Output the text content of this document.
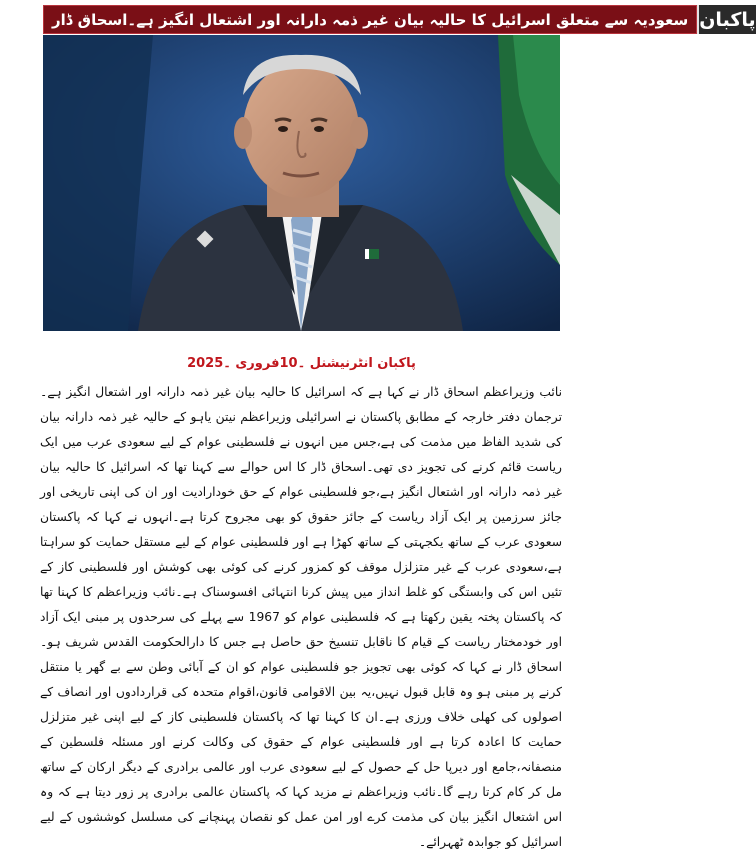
سعودیہ سے متعلق اسرائیل کا حالیہ بیان غیر ذمہ دارانہ اور اشتعال انگیز ہے۔اسحاق ڈار پاکبان
پاکبان انٹرنیشنل ۔10فروری ۔2025
نائب وزیراعظم اسحاق ڈار نے کہا ہے کہ اسرائیل کا حالیہ بیان غیر ذمہ دارانہ اور اشتعال انگیز ہے۔ترجمان دفتر خارجہ کے مطابق پاکستان نے اسرائیلی وزیراعظم نیتن یاہو کے حالیہ غیر ذمہ دارانہ بیان کی شدید الفاظ میں مذمت کی ہے،جس میں انہوں نے فلسطینی عوام کے لیے سعودی عرب میں ایک ریاست قائم کرنے کی تجویز دی تھی۔اسحاق ڈار کا اس حوالے سے کہنا تھا کہ اسرائیل کا حالیہ بیان غیر ذمہ دارانہ اور اشتعال انگیز ہے،جو فلسطینی عوام کے حق خودارادیت اور ان کی اپنی تاریخی اور جائز سرزمین پر ایک آزاد ریاست کے جائز حقوق کو بھی مجروح کرتا ہے۔انہوں نے کہا کہ پاکستان سعودی عرب کے ساتھ یکجہتی کے ساتھ کھڑا ہے اور فلسطینی عوام کے لیے مستقل حمایت کو سراہتا ہے،سعودی عرب کے غیر متزلزل موقف کو کمزور کرنے کی کوئی بھی کوشش اور فلسطینی کاز کے تئیں اس کی وابستگی کو غلط انداز میں پیش کرنا انتہائی افسوسناک ہے۔نائب وزیراعظم کا کہنا تھا کہ پاکستان پختہ یقین رکھتا ہے کہ فلسطینی عوام کو 1967 سے پہلے کی سرحدوں پر مبنی ایک آزاد اور خودمختار ریاست کے قیام کا ناقابل تنسیخ حق حاصل ہے جس کا دارالحکومت القدس شریف ہو۔اسحاق ڈار نے کہا کہ کوئی بھی تجویز جو فلسطینی عوام کو ان کے آبائی وطن سے بے گھر یا منتقل کرنے پر مبنی ہو وہ قابل قبول نہیں،یہ بین الاقوامی قانون،اقوام متحدہ کی قراردادوں اور انصاف کے اصولوں کی کھلی خلاف ورزی ہے۔ان کا کہنا تھا کہ پاکستان فلسطینی کاز کے لیے اپنی غیر متزلزل حمایت کا اعادہ کرتا ہے اور فلسطینی عوام کے حقوق کی وکالت کرنے اور مسئلہ فلسطین کے منصفانہ،جامع اور دیرپا حل کے حصول کے لیے سعودی عرب اور عالمی برادری کے دیگر ارکان کے ساتھ مل کر کام کرتا رہے گا۔نائب وزیراعظم نے مزید کہا کہ پاکستان عالمی برادری پر زور دیتا ہے کہ وہ اس اشتعال انگیز بیان کی مذمت کرے اور امن عمل کو نقصان پہنچانے کی مسلسل کوششوں کے لیے اسرائیل کو جوابدہ ٹھہرائے۔
